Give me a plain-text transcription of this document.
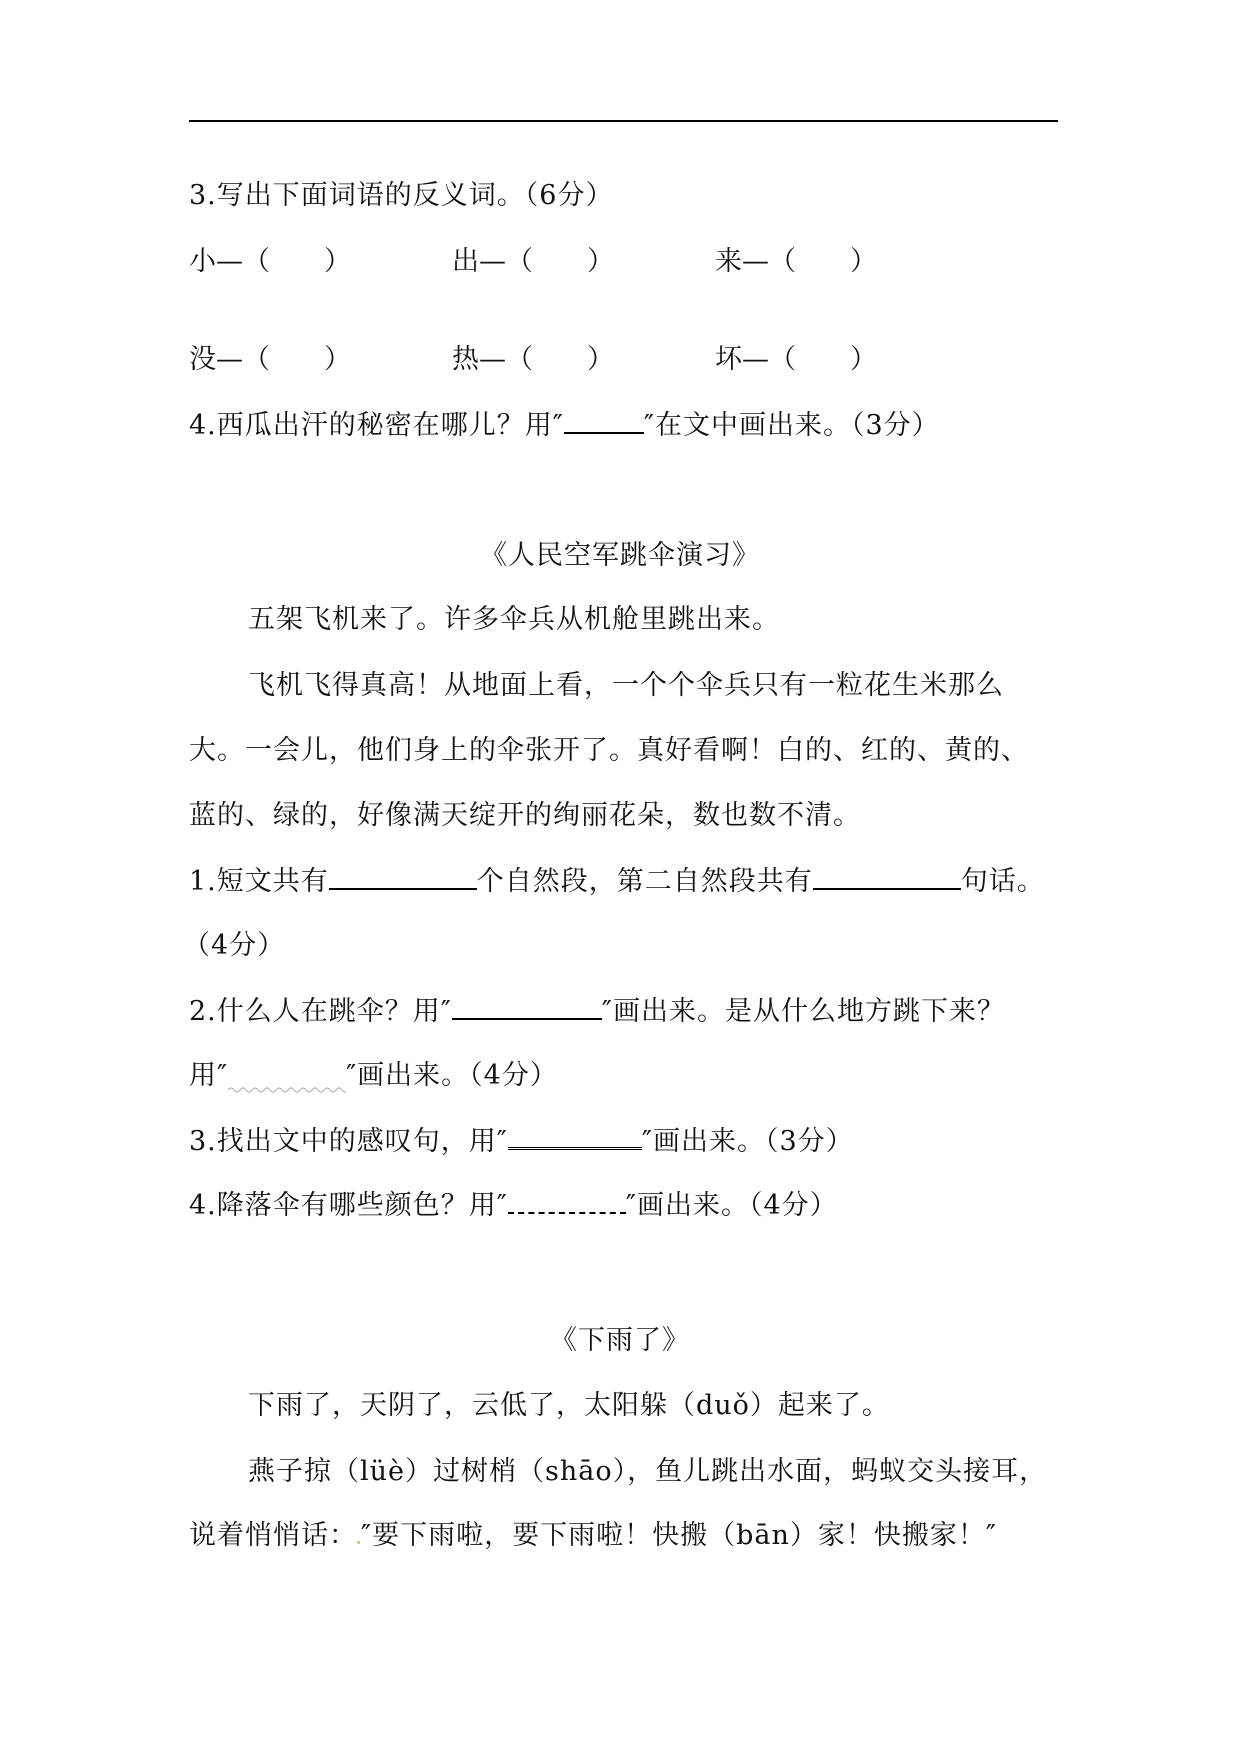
3.写出下面词语的反义词。（6分）
小—（　　）	出—（　　）	来—（　　）
没—（　　）	热—（　　）	坏—（　　）
4.西瓜出汗的秘密在哪儿？用″	″在文中画出来。（3分）
《人民空军跳伞演习》
五架飞机来了。许多伞兵从机舱里跳出来。
飞机飞得真高！从地面上看，一个个伞兵只有一粒花生米那么
大。一会儿，他们身上的伞张开了。真好看啊！白的、红的、黄的、
蓝的、绿的，好像满天绽开的绚丽花朵，数也数不清。
1.短文共有	个自然段，第二自然段共有	句话。
（4分）
2.什么人在跳伞？用″	″画出来。是从什么地方跳下来？
用″	″画出来。（4分）
3.找出文中的感叹句，用″	″画出来。（3分）
4.降落伞有哪些颜色？用″	″画出来。（4分）
《下雨了》
下雨了，天阴了，云低了，太阳躲（duǒ）起来了。
燕子掠（lüè）过树梢（shāo），鱼儿跳出水面，蚂蚁交头接耳，
说着悄悄话： ″要下雨啦，要下雨啦！快搬（bān）家！快搬家！″
